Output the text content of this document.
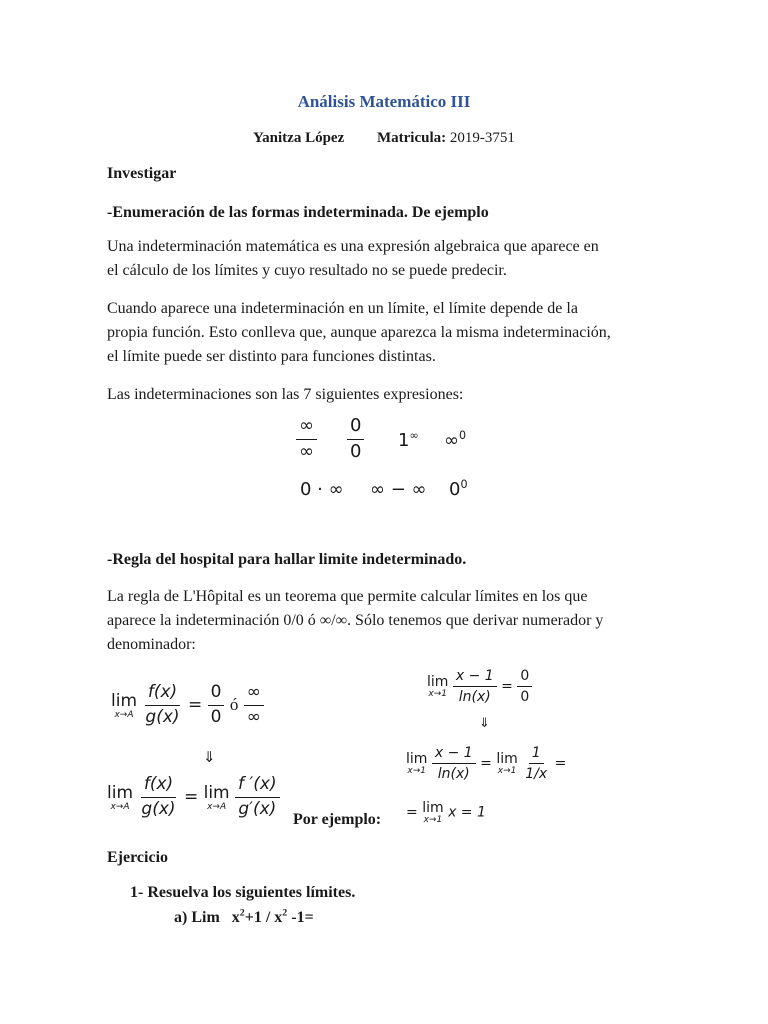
Análisis Matemático III
Yanitza López Matricula: 2019-3751
Investigar
-Enumeración de las formas indeterminada. De ejemplo
Una indeterminación matemática es una expresión algebraica que aparece en
el cálculo de los límites y cuyo resultado no se puede predecir.
Cuando aparece una indeterminación en un límite, el límite depende de la
propia función. Esto conlleva que, aunque aparezca la misma indeterminación,
el límite puede ser distinto para funciones distintas.
Las indeterminaciones son las 7 siguientes expresiones:
$\frac{\infty}{\infty} \frac{0}{0} 1^\infty$ ∞$^0$
0 · ∞ ∞ − ∞ $0^0$
-Regla del hospital para hallar limite indeterminado.
La regla de L'Hôpital es un teorema que permite calcular límites en los que
aparece la indeterminación 0/0 ó ∞/∞. Sólo tenemos que derivar numerador y
denominador:
lim
x→A
$\frac{f(x)}{g(x)} = \frac{0}{0}$ ó $\frac{\infty}{\infty}$
⇓
lim
x→A
$\frac{f(x)}{g(x)} = \lim$
x→A
$\frac{f '(x)}{g'(x)}$
Por ejemplo:
lim
x→1
$\frac{x - 1}{\ln(x)} = \frac{0}{0}$
⇓
lim
x→1
$\frac{x - 1}{\ln(x)} = \lim$
x→1
$\frac{1}{1/x}$ =
= lim
x→1 x = 1
Ejercicio
1- Resuelva los siguientes límites.
a) Lim $x^2+1 / x^2$ -1=
